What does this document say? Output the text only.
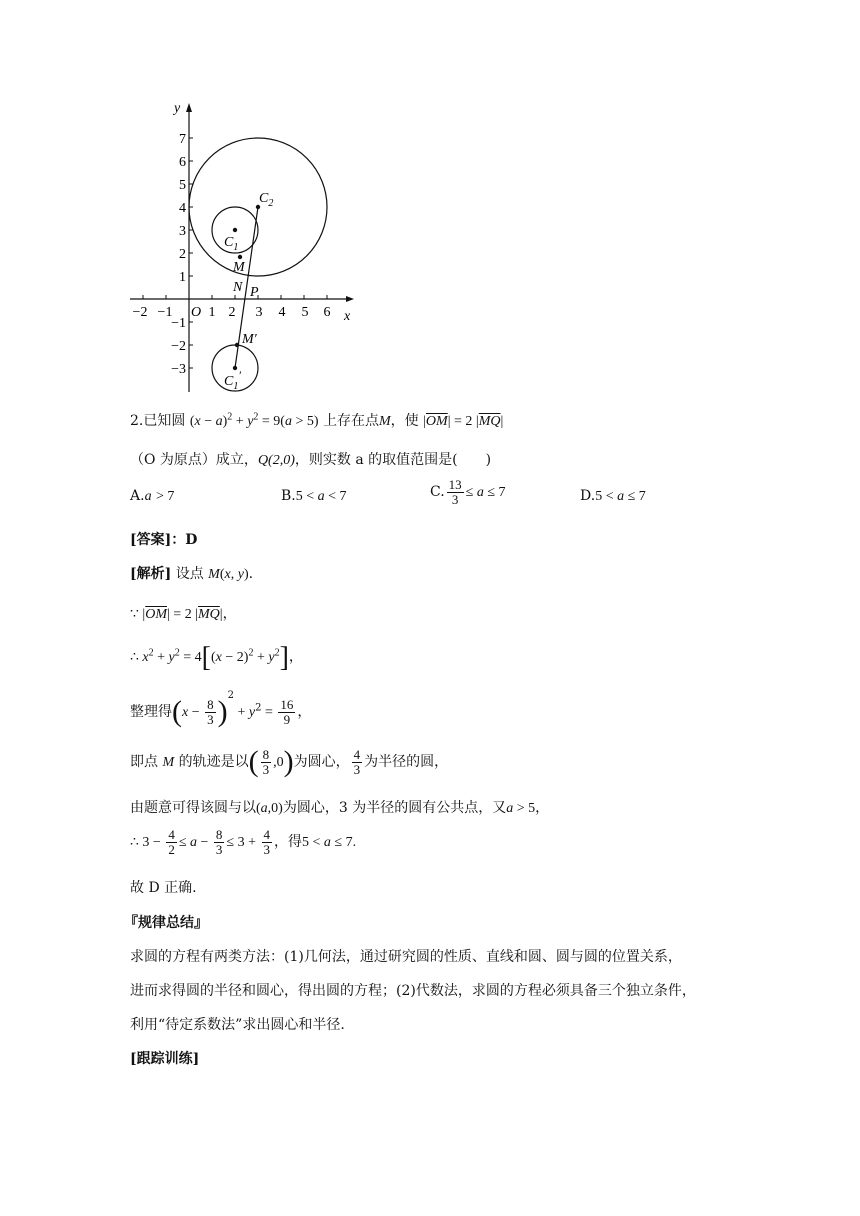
x
y
O
−2 −1	1 2 3 4 5 6
7
6
5
4
3
2
1
−1
−2
−3
$C_2$
$C_1$
M
N P
M′
$C_1'$
2.已知圆 $(x - a)^2 + y^2 = 9(a > 5)$ 上存在点M，使 $|\overline{OM}| = 2$ $|\overline{MQ}|$
（O 为原点）成立，Q(2,0)，则实数 a 的取值范围是(　　)
A.a > 7	B.5 < a < 7	C. $\frac{13}{3} \le a \le 7$	D.5 < a ≤ 7
[答案]：D
[解析] 设点 M(x, y).
∵ $|\overline{OM}| = 2$ $|\overline{MQ}|$，
∴ $x^2 + y^2 = 4[(x - 2)^2 + y^2]$，
整理得$(x - \frac{8}{3} )^2 + y^2 = \frac{16}{9}$ ，
即点 M 的轨迹是以( $\frac{8}{3} ,0$)为圆心， $\frac{4}{3}$ 为半径的圆，
由题意可得该圆与以(a,0)为圆心，3 为半径的圆有公共点，又a > 5，
∴ $3 - \frac{4}{2} \le a - \frac{8}{3} \le 3 + \frac{4}{3}$ ，得5 < a ≤ 7.
故 D 正确.
『规律总结』
求圆的方程有两类方法：(1)几何法，通过研究圆的性质、直线和圆、圆与圆的位置关系，
进而求得圆的半径和圆心，得出圆的方程；(2)代数法，求圆的方程必须具备三个独立条件，
利用“待定系数法”求出圆心和半径.
[跟踪训练]
